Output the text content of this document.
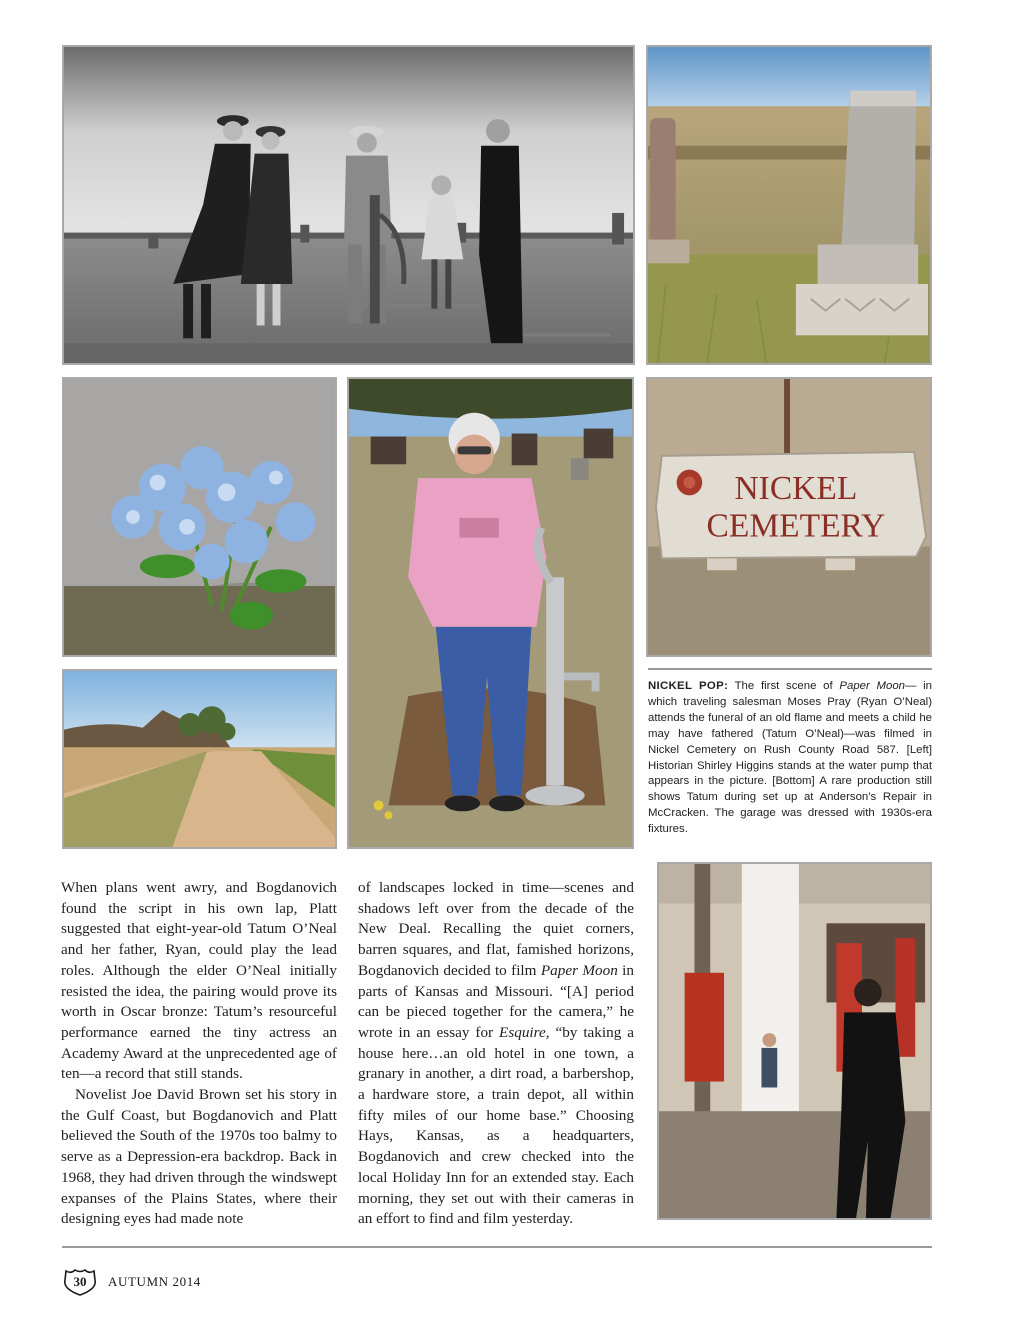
NICKEL
CEMETERY
NICKEL POP: The first scene of Paper Moon— in which traveling salesman Moses Pray (Ryan O’Neal) attends the funeral of an old flame and meets a child he may have fathered (Tatum O’Neal)—was filmed in Nickel Cemetery on Rush County Road 587. [Left] Historian Shirley Higgins stands at the water pump that appears in the picture. [Bottom] A rare production still shows Tatum during set up at Anderson’s Repair in McCracken. The garage was dressed with 1930s-era fixtures.

When plans went awry, and Bogdanovich found the script in his own lap, Platt suggested that eight-year-old Tatum O’Neal and her father, Ryan, could play the lead roles. Although the elder O’Neal initially resisted the idea, the pairing would prove its worth in Oscar bronze: Tatum’s resourceful performance earned the tiny actress an Academy Award at the unprecedented age of ten—a record that still stands.

Novelist Joe David Brown set his story in the Gulf Coast, but Bogdanovich and Platt believed the South of the 1970s too balmy to serve as a Depression-era backdrop. Back in 1968, they had driven through the windswept expanses of the Plains States, where their designing eyes had made note

of landscapes locked in time—scenes and shadows left over from the decade of the New Deal. Recalling the quiet corners, barren squares, and flat, famished horizons, Bogdanovich decided to film Paper Moon in parts of Kansas and Missouri. “[A] period can be pieced together for the camera,” he wrote in an essay for Esquire, “by taking a house here…an old hotel in one town, a granary in another, a dirt road, a barbershop, a hardware store, a train depot, all within fifty miles of our home base.” Choosing Hays, Kansas, as a headquarters, Bogdanovich and crew checked into the local Holiday Inn for an extended stay. Each morning, they set out with their cameras in an effort to find and film yesterday.

30	AUTUMN 2014
